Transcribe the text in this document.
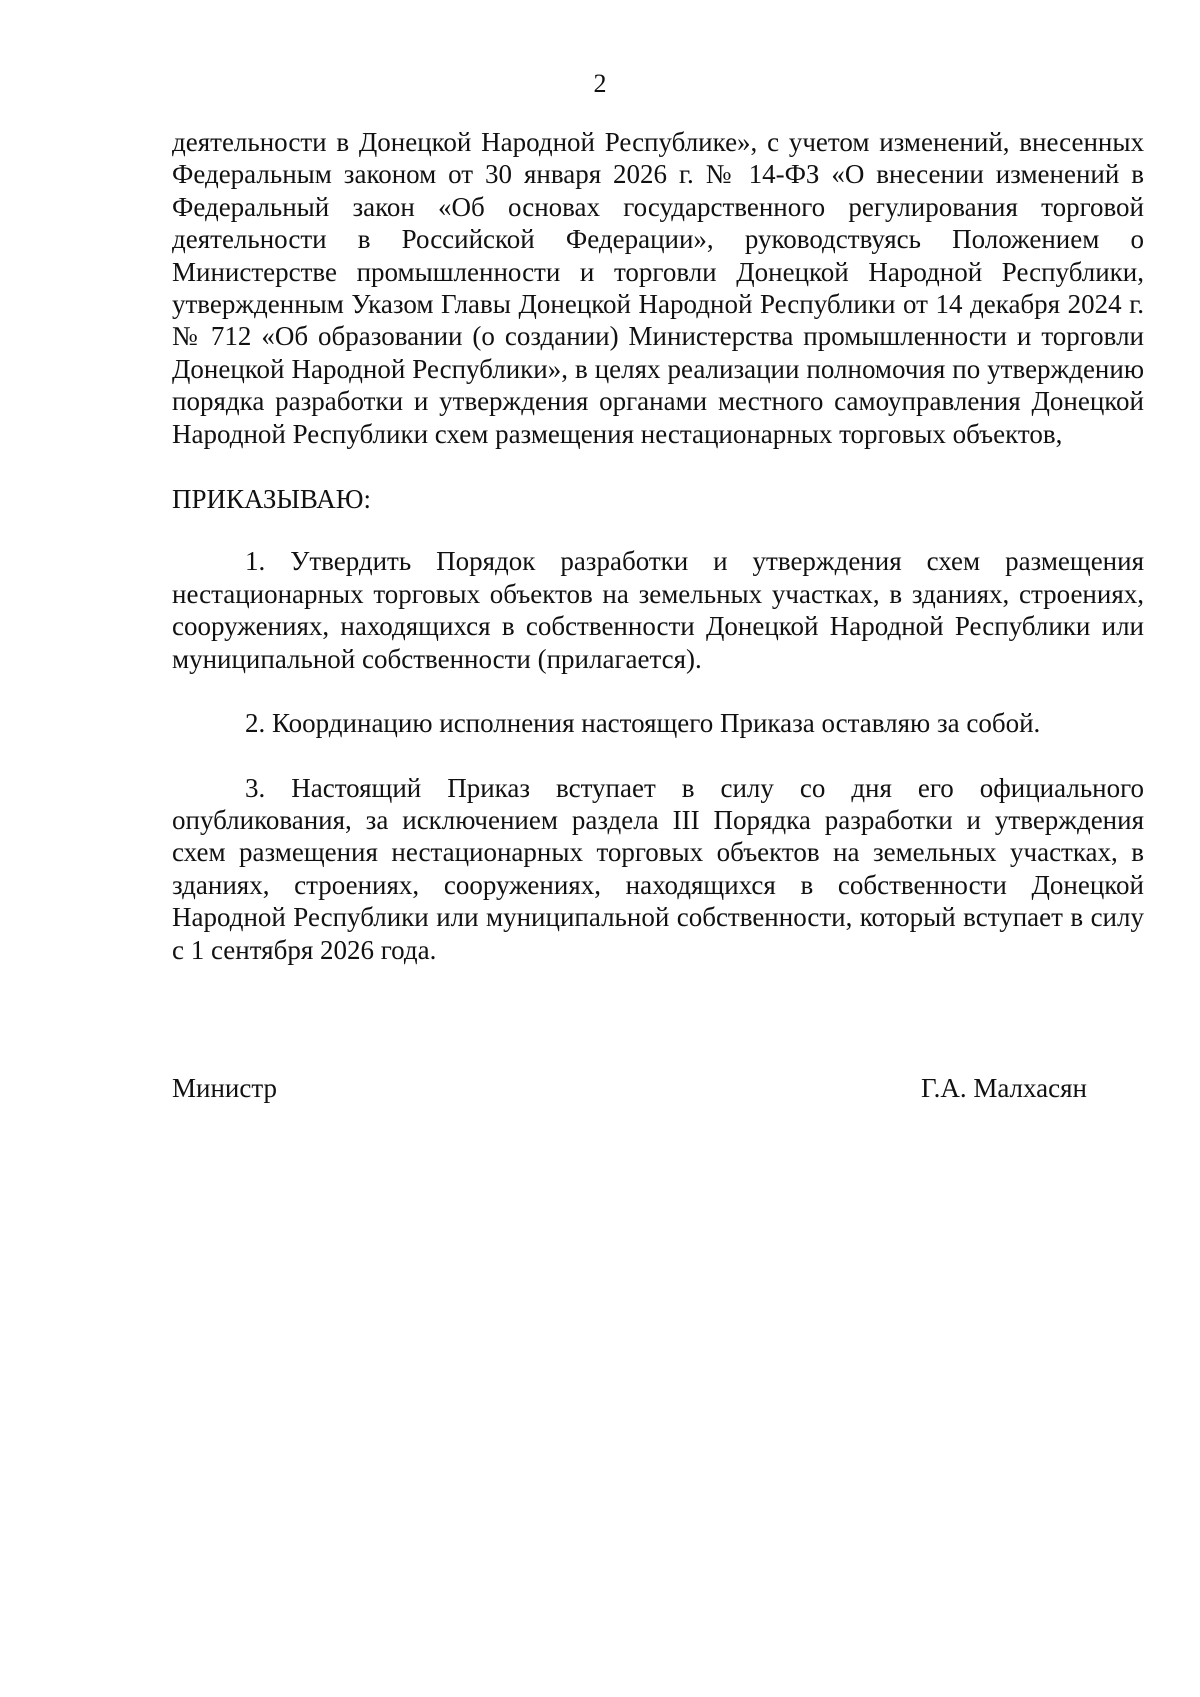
2

деятельности в Донецкой Народной Республике», с учетом изменений, внесенных Федеральным законом от 30 января 2026 г. № 14-ФЗ «О внесении изменений в Федеральный закон «Об основах государственного регулирования торговой деятельности в Российской Федерации», руководствуясь Положением о Министерстве промышленности и торговли Донецкой Народной Республики, утвержденным Указом Главы Донецкой Народной Республики от 14 декабря 2024 г. № 712 «Об образовании (о создании) Министерства промышленности и торговли Донецкой Народной Республики», в целях реализации полномочия по утверждению порядка разработки и утверждения органами местного самоуправления Донецкой Народной Республики схем размещения нестационарных торговых объектов,

ПРИКАЗЫВАЮ:

1. Утвердить Порядок разработки и утверждения схем размещения нестационарных торговых объектов на земельных участках, в зданиях, строениях, сооружениях, находящихся в собственности Донецкой Народной Республики или муниципальной собственности (прилагается).

2. Координацию исполнения настоящего Приказа оставляю за собой.

3. Настоящий Приказ вступает в силу со дня его официального опубликования, за исключением раздела III Порядка разработки и утверждения схем размещения нестационарных торговых объектов на земельных участках, в зданиях, строениях, сооружениях, находящихся в собственности Донецкой Народной Республики или муниципальной собственности, который вступает в силу с 1 сентября 2026 года.

Министр	Г.А. Малхасян
